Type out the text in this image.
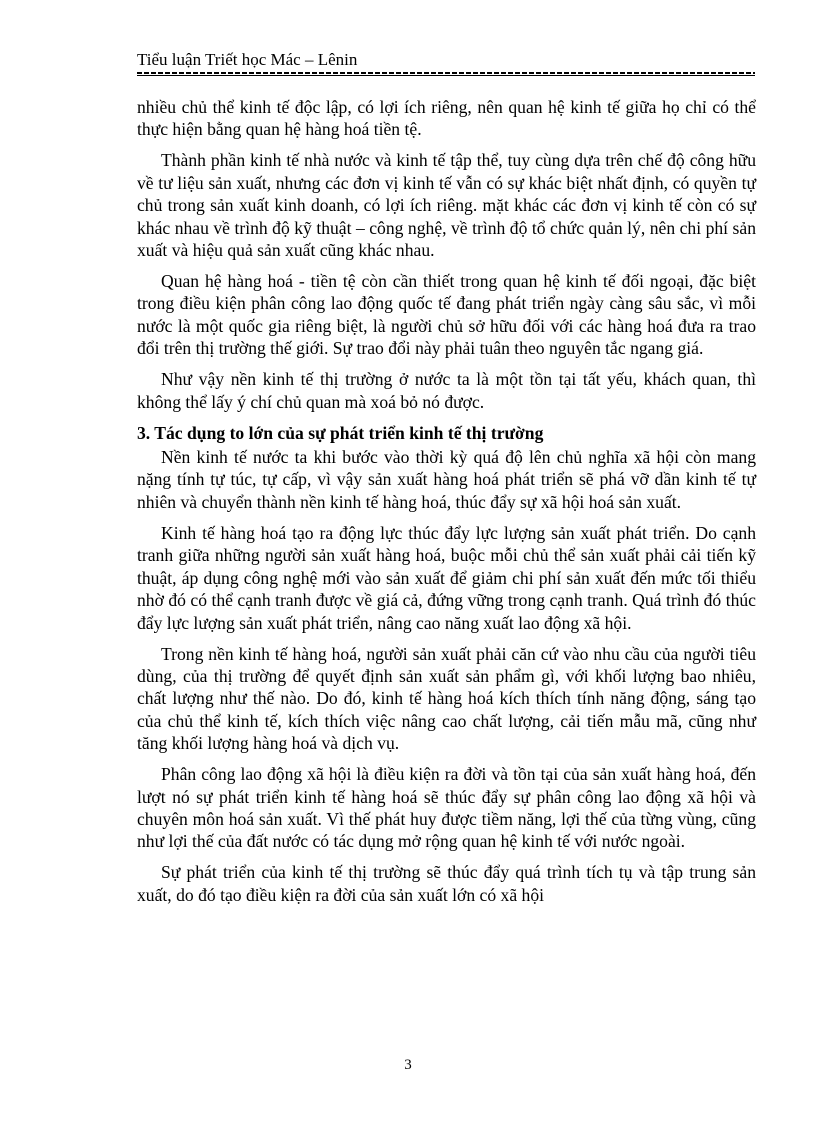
Tiểu luận Triết học Mác – Lênin

nhiều chủ thể kinh tế độc lập, có lợi ích riêng, nên quan hệ kinh tế giữa họ chỉ có thể thực hiện bằng quan hệ hàng hoá tiền tệ.

Thành phần kinh tế nhà nước và kinh tế tập thể, tuy cùng dựa trên chế độ công hữu về tư liệu sản xuất, nhưng các đơn vị kinh tế vẫn có sự khác biệt nhất định, có quyền tự chủ trong sản xuất kinh doanh, có lợi ích riêng. mặt khác các đơn vị kinh tế còn có sự khác nhau về trình độ kỹ thuật – công nghệ, về trình độ tổ chức quản lý, nên chi phí sản xuất và hiệu quả sản xuất cũng khác nhau.

Quan hệ hàng hoá - tiền tệ còn cần thiết trong quan hệ kinh tế đối ngoại, đặc biệt trong điều kiện phân công lao động quốc tế đang phát triển ngày càng sâu sắc, vì mỗi nước là một quốc gia riêng biệt, là người chủ sở hữu đối với các hàng hoá đưa ra trao đổi trên thị trường thế giới. Sự trao đổi này phải tuân theo nguyên tắc ngang giá.

Như vậy nền kinh tế thị trường ở nước ta là một tồn tại tất yếu, khách quan, thì không thể lấy ý chí chủ quan mà xoá bỏ nó được.

3. Tác dụng to lớn của sự phát triển kinh tế thị trường

Nền kinh tế nước ta khi bước vào thời kỳ quá độ lên chủ nghĩa xã hội còn mang nặng tính tự túc, tự cấp, vì vậy sản xuất hàng hoá phát triển sẽ phá vỡ dần kinh tế tự nhiên và chuyển thành nền kinh tế hàng hoá, thúc đẩy sự xã hội hoá sản xuất.

Kinh tế hàng hoá tạo ra động lực thúc đẩy lực lượng sản xuất phát triển. Do cạnh tranh giữa những người sản xuất hàng hoá, buộc mỗi chủ thể sản xuất phải cải tiến kỹ thuật, áp dụng công nghệ mới vào sản xuất để giảm chi phí sản xuất đến mức tối thiểu nhờ đó có thể cạnh tranh được về giá cả, đứng vững trong cạnh tranh. Quá trình đó thúc đẩy lực lượng sản xuất phát triển, nâng cao năng xuất lao động xã hội.

Trong nền kinh tế hàng hoá, người sản xuất phải căn cứ vào nhu cầu của người tiêu dùng, của thị trường để quyết định sản xuất sản phẩm gì, với khối lượng bao nhiêu, chất lượng như thế nào. Do đó, kinh tế hàng hoá kích thích tính năng động, sáng tạo của chủ thể kinh tế, kích thích việc nâng cao chất lượng, cải tiến mẫu mã, cũng như tăng khối lượng hàng hoá và dịch vụ.

Phân công lao động xã hội là điều kiện ra đời và tồn tại của sản xuất hàng hoá, đến lượt nó sự phát triển kinh tế hàng hoá sẽ thúc đẩy sự phân công lao động xã hội và chuyên môn hoá sản xuất. Vì thế phát huy được tiềm năng, lợi thế của từng vùng, cũng như lợi thế của đất nước có tác dụng mở rộng quan hệ kinh tế với nước ngoài.

Sự phát triển của kinh tế thị trường sẽ thúc đẩy quá trình tích tụ và tập trung sản xuất, do đó tạo điều kiện ra đời của sản xuất lớn có xã hội

3
